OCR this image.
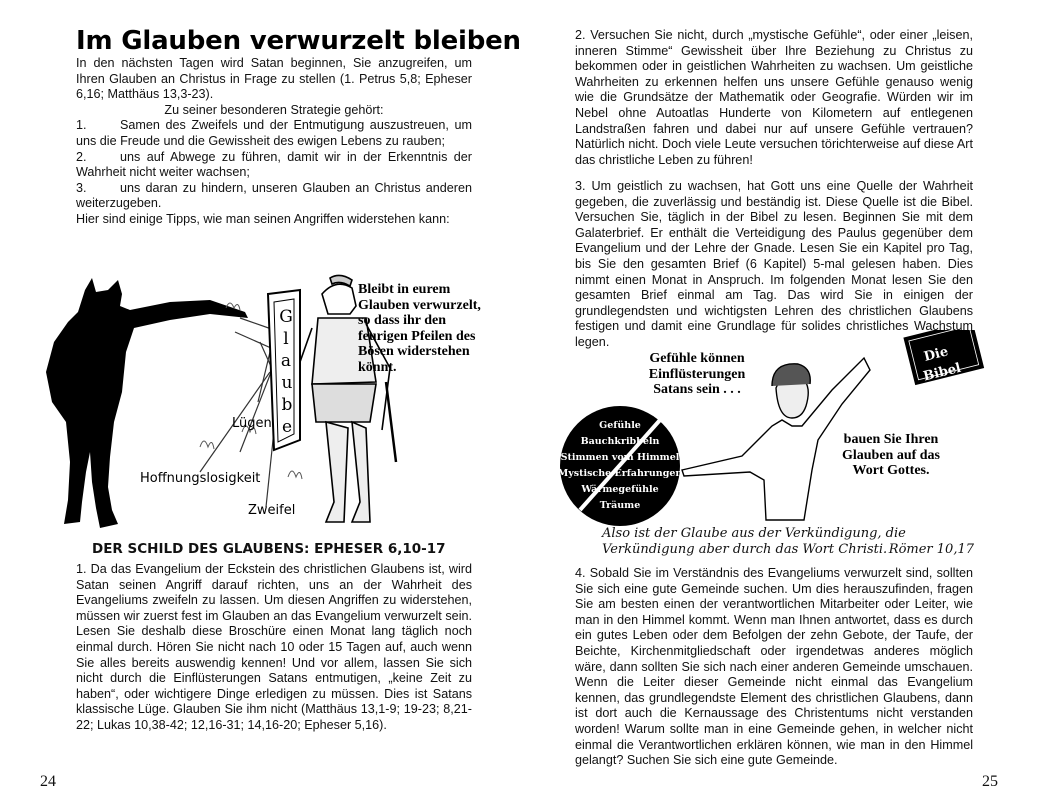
Im Glauben verwurzelt bleiben

In den nächsten Tagen wird Satan beginnen, Sie anzugreifen, um Ihren Glauben an Christus in Frage zu stellen (1. Petrus 5,8; Epheser 6,16; Matthäus 13,3-23).

Zu seiner besonderen Strategie gehört:

1.	Samen des Zweifels und der Entmutigung auszustreuen, um uns die Freude und die Gewissheit des ewigen Lebens zu rauben;

2.	uns auf Abwege zu führen, damit wir in der Erkenntnis der Wahrheit nicht weiter wachsen;

3.	uns daran zu hindern, unseren Glauben an Christus anderen weiterzugeben.

Hier sind einige Tipps, wie man seinen Angriffen widerstehen kann:

G
l
a
u
b
e
Bleibt in eurem Glauben verwurzelt, so dass ihr den feurigen Pfeilen des Bösen widerstehen könnt.
Lügen
Hoffnungslosigkeit
Zweifel
DER SCHILD DES GLAUBENS: EPHESER 6,10-17
1. Da das Evangelium der Eckstein des christlichen Glaubens ist, wird Satan seinen Angriff darauf richten, uns an der Wahrheit des Evangeliums zweifeln zu lassen. Um diesen Angriffen zu widerstehen, müssen wir zuerst fest im Glauben an das Evangelium verwurzelt sein. Lesen Sie deshalb diese Broschüre einen Monat lang täglich noch einmal durch. Hören Sie nicht nach 10 oder 15 Tagen auf, auch wenn Sie alles bereits auswendig kennen! Und vor allem, lassen Sie sich nicht durch die Einflüsterungen Satans entmutigen, „keine Zeit zu haben“, oder wichtigere Dinge erledigen zu müssen. Dies ist Satans klassische Lüge. Glauben Sie ihm nicht (Matthäus 13,1-9; 19-23; 8,21-22; Lukas 10,38-42; 12,16-31; 14,16-20; Epheser 5,16).
24
2. Versuchen Sie nicht, durch „mystische Gefühle“, oder einer „leisen, inneren Stimme“ Gewissheit über Ihre Beziehung zu Christus zu bekommen oder in geistlichen Wahrheiten zu wachsen. Um geistliche Wahrheiten zu erkennen helfen uns unsere Gefühle genauso wenig wie die Grundsätze der Mathematik oder Geografie. Würden wir im Nebel ohne Autoatlas Hunderte von Kilometern auf entlegenen Landstraßen fahren und dabei nur auf unsere Gefühle vertrauen? Natürlich nicht. Doch viele Leute versuchen törichterweise auf diese Art das christliche Leben zu führen!
3. Um geistlich zu wachsen, hat Gott uns eine Quelle der Wahrheit gegeben, die zuverlässig und beständig ist. Diese Quelle ist die Bibel. Versuchen Sie, täglich in der Bibel zu lesen. Beginnen Sie mit dem Galaterbrief. Er enthält die Verteidigung des Paulus gegenüber dem Evangelium und der Lehre der Gnade. Lesen Sie ein Kapitel pro Tag, bis Sie den gesamten Brief (6 Kapitel) 5-mal gelesen haben. Dies nimmt einen Monat in Anspruch. Im folgenden Monat lesen Sie den gesamten Brief einmal am Tag. Das wird Sie in einigen der grundlegendsten und wichtigsten Lehren des christlichen Glaubens festigen und damit eine Grundlage für solides christliches Wachstum legen.
Gefühle
Bauchkribbeln
Stimmen vom Himmel
Mystische Erfahrungen
Wärmegefühle
Träume
Die
Bibel
Gefühle können Einflüsterungen Satans sein . . .
bauen Sie Ihren Glauben auf das Wort Gottes.
Also ist der Glaube aus der Verkündigung, die Verkündigung aber durch das Wort Christi. Römer 10,17
4. Sobald Sie im Verständnis des Evangeliums verwurzelt sind, sollten Sie sich eine gute Gemeinde suchen. Um dies herauszufinden, fragen Sie am besten einen der verantwortlichen Mitarbeiter oder Leiter, wie man in den Himmel kommt. Wenn man Ihnen antwortet, dass es durch ein gutes Leben oder dem Befolgen der zehn Gebote, der Taufe, der Beichte, Kirchenmitgliedschaft oder irgendetwas anderes möglich wäre, dann sollten Sie sich nach einer anderen Gemeinde umschauen. Wenn die Leiter dieser Gemeinde nicht einmal das Evangelium kennen, das grundlegendste Element des christlichen Glaubens, dann ist dort auch die Kernaussage des Christentums nicht verstanden worden! Warum sollte man in eine Gemeinde gehen, in welcher nicht einmal die Verantwortlichen erklären können, wie man in den Himmel gelangt? Suchen Sie sich eine gute Gemeinde.
25
